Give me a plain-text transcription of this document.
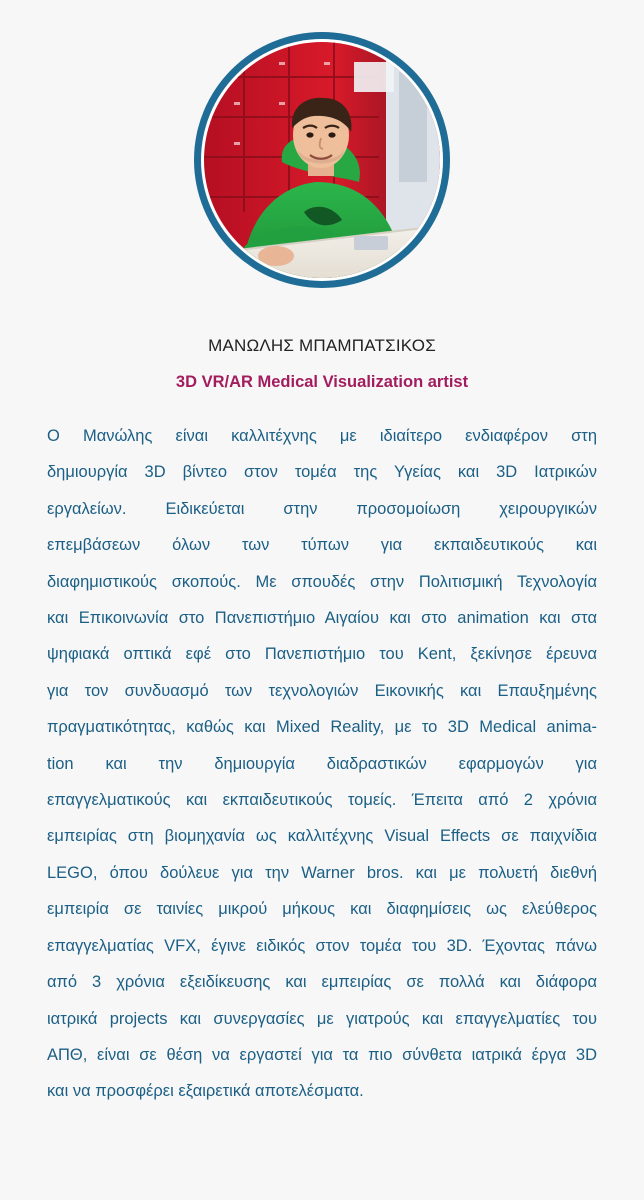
ΜΑΝΩΛΗΣ ΜΠΑΜΠΑΤΣΙΚΟΣ
3D VR/AR Medical Visualization artist
Ο Μανώλης είναι καλλιτέχνης με ιδιαίτερο ενδιαφέρον στη
δημιουργία 3D βίντεο στον τομέα της Υγείας και 3D Ιατρικών
εργαλείων. Ειδικεύεται στην προσομοίωση χειρουργικών
επεμβάσεων όλων των τύπων για εκπαιδευτικούς και
διαφημιστικούς σκοπούς. Με σπουδές στην Πολιτισμική Τεχνολογία
και Επικοινωνία στο Πανεπιστήμιο Αιγαίου και στο animation και στα
ψηφιακά οπτικά εφέ στο Πανεπιστήμιο του Kent, ξεκίνησε έρευνα
για τον συνδυασμό των τεχνολογιών Εικονικής και Επαυξημένης
πραγματικότητας, καθώς και Mixed Reality, με το 3D Medical anima-
tion και την δημιουργία διαδραστικών εφαρμογών για
επαγγελματικούς και εκπαιδευτικούς τομείς. Έπειτα από 2 χρόνια
εμπειρίας στη βιομηχανία ως καλλιτέχνης Visual Effects σε παιχνίδια
LEGO, όπου δούλευε για την Warner bros. και με πολυετή διεθνή
εμπειρία σε ταινίες μικρού μήκους και διαφημίσεις ως ελεύθερος
επαγγελματίας VFX, έγινε ειδικός στον τομέα του 3D. Έχοντας πάνω
από 3 χρόνια εξειδίκευσης και εμπειρίας σε πολλά και διάφορα
ιατρικά projects και συνεργασίες με γιατρούς και επαγγελματίες του
ΑΠΘ, είναι σε θέση να εργαστεί για τα πιο σύνθετα ιατρικά έργα 3D
και να προσφέρει εξαιρετικά αποτελέσματα.
